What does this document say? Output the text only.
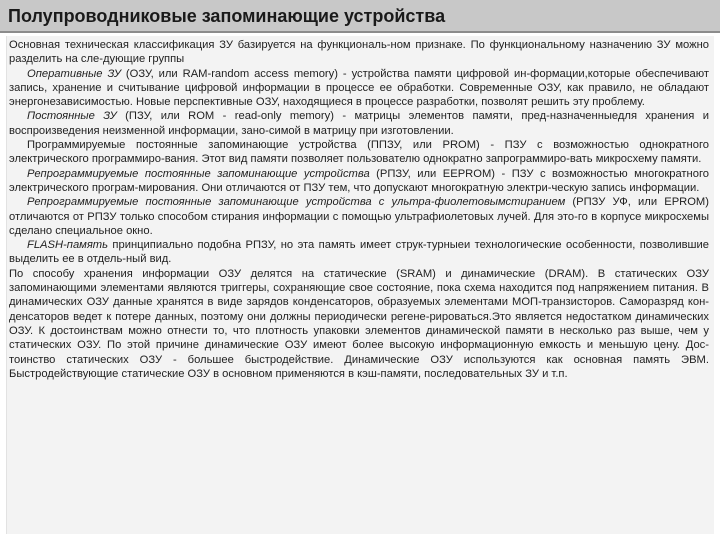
Полупроводниковые запоминающие устройства

Основная техническая классификация ЗУ базируется на функциональ-ном признаке. По функциональному назначению ЗУ можно разделить на сле-дующие группы

Оперативные ЗУ (ОЗУ, или RAM-random access memory) - устройства памяти цифровой ин-формации,которые обеспечивают запись, хранение и считывание цифровой информации в процессе ее обработки. Современные ОЗУ, как правило, не обладают энергонезависимостью. Новые перспективные ОЗУ, находящиеся в процессе разработки, позволят решить эту проблему.

Постоянные ЗУ (ПЗУ, или ROM - read-only memory) - матрицы элементов памяти, пред-назначенныедля хранения и воспроизведения неизменной информации, зано-симой в матрицу при изготовлении.

Программируемые постоянные запоминающие устройства (ППЗУ, или PROM) - ПЗУ с возможностью однократного электрического программиро-вания. Этот вид памяти позволяет пользователю однократно запрограммиро-вать микросхему памяти.

Репрограммируемые постоянные запоминающие устройства (РПЗУ, или EEPROM) - ПЗУ с возможностью многократного электрического програм-мирования. Они отличаются от ПЗУ тем, что допускают многократную электри-ческую запись информации.

Репрограммируемые постоянные запоминающие устройства с ультра-фиолетовымстиранием (РПЗУ УФ, или EPROM) отличаются от РПЗУ только способом стирания информации с помощью ультрафиолетовых лучей. Для это-го в корпусе микросхемы сделано специальное окно.

FLASH-память принципиально подобна РПЗУ, но эта память имеет струк-турныеи технологические особенности, позволившие выделить ее в отдель-ный вид.

По способу хранения информации ОЗУ делятся на статические (SRAM) и динамические (DRAM). В статических ОЗУ запоминающими элементами являются триггеры, сохраняющие свое состояние, пока схема находится под напряжением питания. В динамических ОЗУ данные хранятся в виде зарядов конденсаторов, образуемых элементами МОП-транзисторов. Саморазряд кон-денсаторов ведет к потере данных, поэтому они должны периодически регене-рироваться.Это является недостатком динамических ОЗУ. К достоинствам можно отнести то, что плотность упаковки элементов динамической памяти в несколько раз выше, чем у статических ОЗУ. По этой причине динамические ОЗУ имеют более высокую информационную емкость и меньшую цену. Дос-тоинство статических ОЗУ - большее быстродействие. Динамические ОЗУ используются как основная память ЭВМ. Быстродействующие статические ОЗУ в основном применяются в кэш-памяти, последовательных ЗУ и т.п.
